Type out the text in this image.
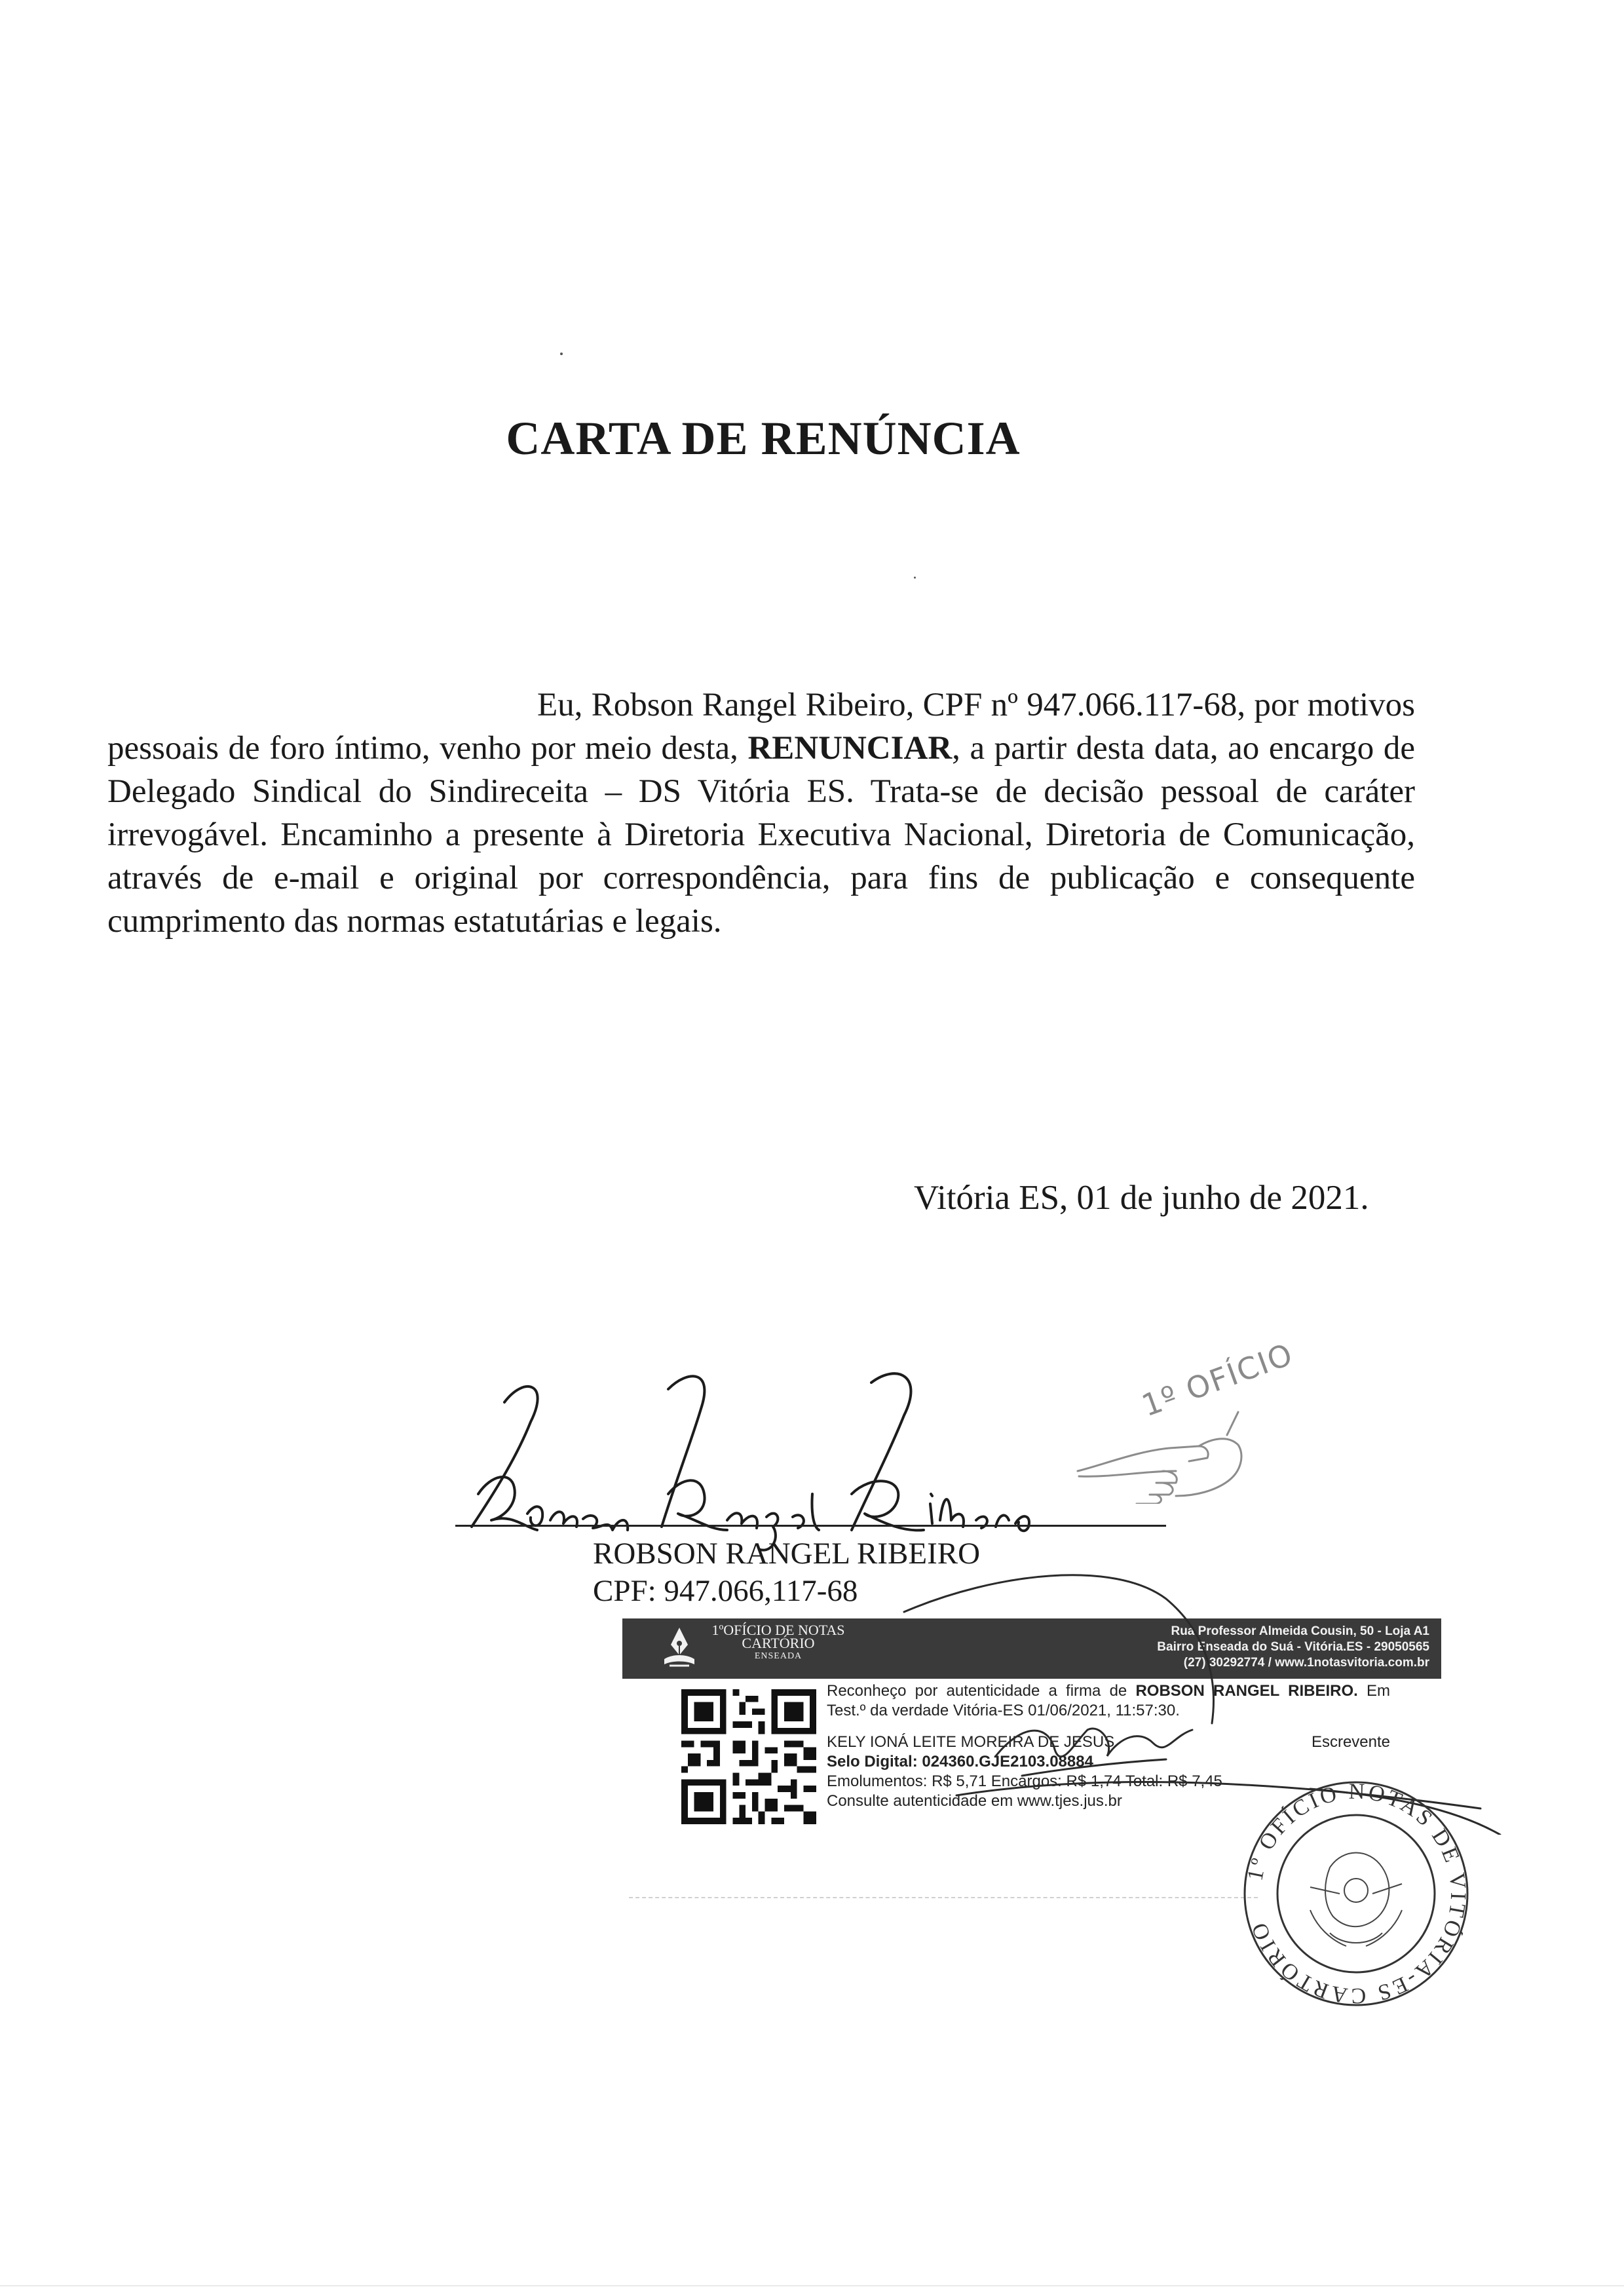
CARTA DE RENÚNCIA

Eu, Robson Rangel Ribeiro, CPF nº 947.066.117-68, por motivos pessoais de foro íntimo, venho por meio desta, RENUNCIAR, a partir desta data, ao encargo de Delegado Sindical do Sindireceita – DS Vitória ES. Trata-se de decisão pessoal de caráter irrevogável. Encaminho a presente à Diretoria Executiva Nacional, Diretoria de Comunicação, através de e-mail e original por correspondência, para fins de publicação e consequente cumprimento das normas estatutárias e legais.

Vitória ES, 01 de junho de 2021.
ROBSON RANGEL RIBEIRO
CPF: 947.066,117-68
1º OFÍCIO
1ºOFÍCIO DE NOTAS
CARTÓRIO
ENSEADA
Rua Professor Almeida Cousin, 50 - Loja A1
Bairro Enseada do Suá - Vitória.ES - 29050565
(27) 30292774 / www.1notasvitoria.com.br

Reconheço por autenticidade a firma de ROBSON RANGEL RIBEIRO. Em Test.º da verdade Vitória-ES 01/06/2021, 11:57:30.

KELY IONÁ LEITE MOREIRA DE JESUS	Escrevente

Selo Digital: 024360.GJE2103.08884

Emolumentos: R$ 5,71 Encargos: R$ 1,74 Total: R$ 7,45

Consulte autenticidade em www.tjes.jus.br

1º OFÍCIO NOTAS DE VITÓRIA-ES CARTÓRIO
